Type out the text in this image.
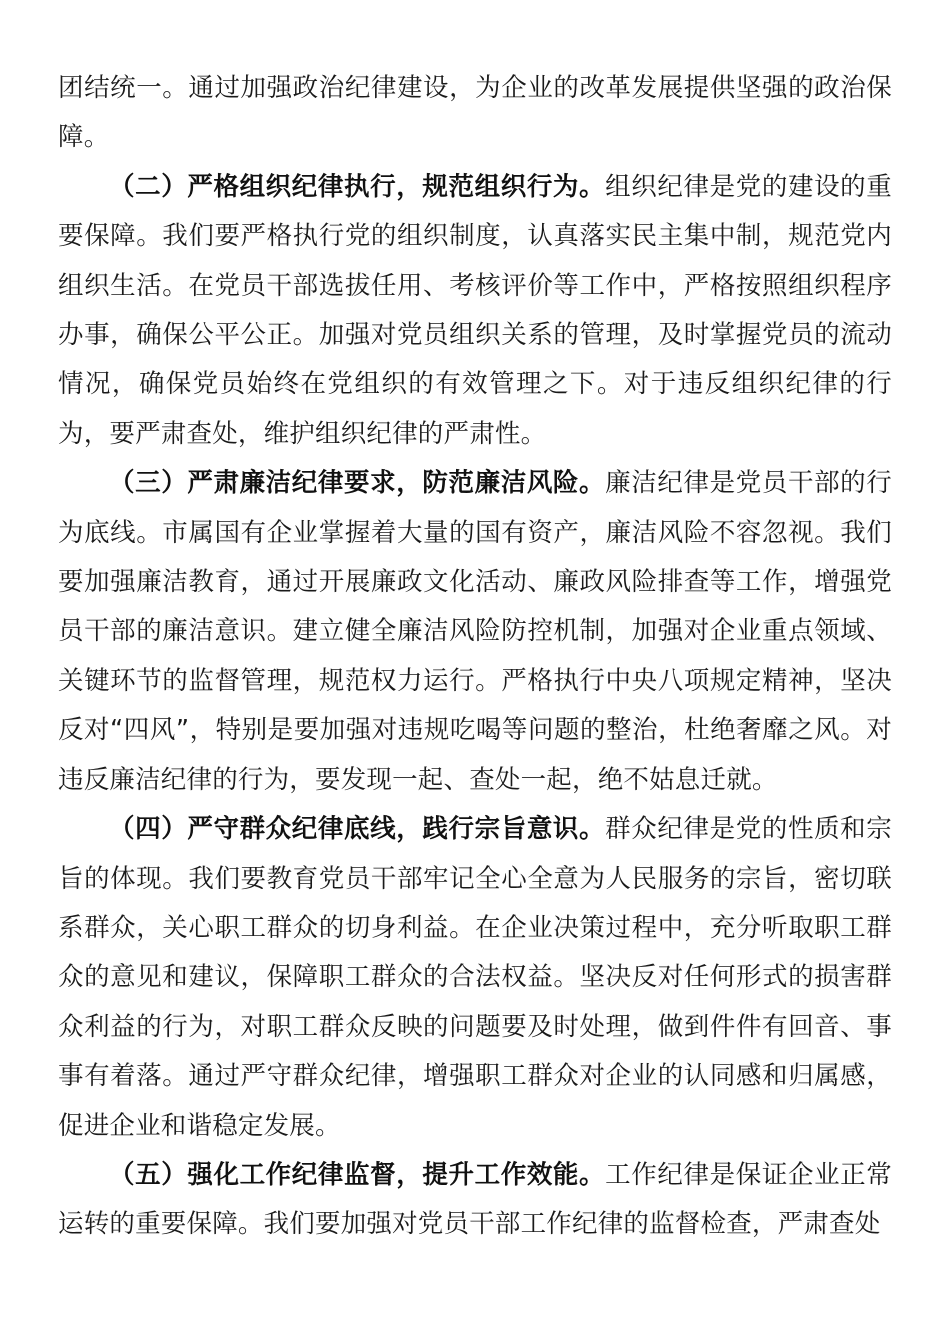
团结统一。通过加强政治纪律建设，为企业的改革发展提供坚强的政治保障。

（二）严格组织纪律执行，规范组织行为。组织纪律是党的建设的重要保障。我们要严格执行党的组织制度，认真落实民主集中制，规范党内组织生活。在党员干部选拔任用、考核评价等工作中，严格按照组织程序办事，确保公平公正。加强对党员组织关系的管理，及时掌握党员的流动情况，确保党员始终在党组织的有效管理之下。对于违反组织纪律的行为，要严肃查处，维护组织纪律的严肃性。

（三）严肃廉洁纪律要求，防范廉洁风险。廉洁纪律是党员干部的行为底线。市属国有企业掌握着大量的国有资产，廉洁风险不容忽视。我们要加强廉洁教育，通过开展廉政文化活动、廉政风险排查等工作，增强党员干部的廉洁意识。建立健全廉洁风险防控机制，加强对企业重点领域、关键环节的监督管理，规范权力运行。严格执行中央八项规定精神，坚决反对“四风”，特别是要加强对违规吃喝等问题的整治，杜绝奢靡之风。对违反廉洁纪律的行为，要发现一起、查处一起，绝不姑息迁就。

（四）严守群众纪律底线，践行宗旨意识。群众纪律是党的性质和宗旨的体现。我们要教育党员干部牢记全心全意为人民服务的宗旨，密切联系群众，关心职工群众的切身利益。在企业决策过程中，充分听取职工群众的意见和建议，保障职工群众的合法权益。坚决反对任何形式的损害群众利益的行为，对职工群众反映的问题要及时处理，做到件件有回音、事事有着落。通过严守群众纪律，增强职工群众对企业的认同感和归属感，促进企业和谐稳定发展。

（五）强化工作纪律监督，提升工作效能。工作纪律是保证企业正常运转的重要保障。我们要加强对党员干部工作纪律的监督检查，严肃查处
